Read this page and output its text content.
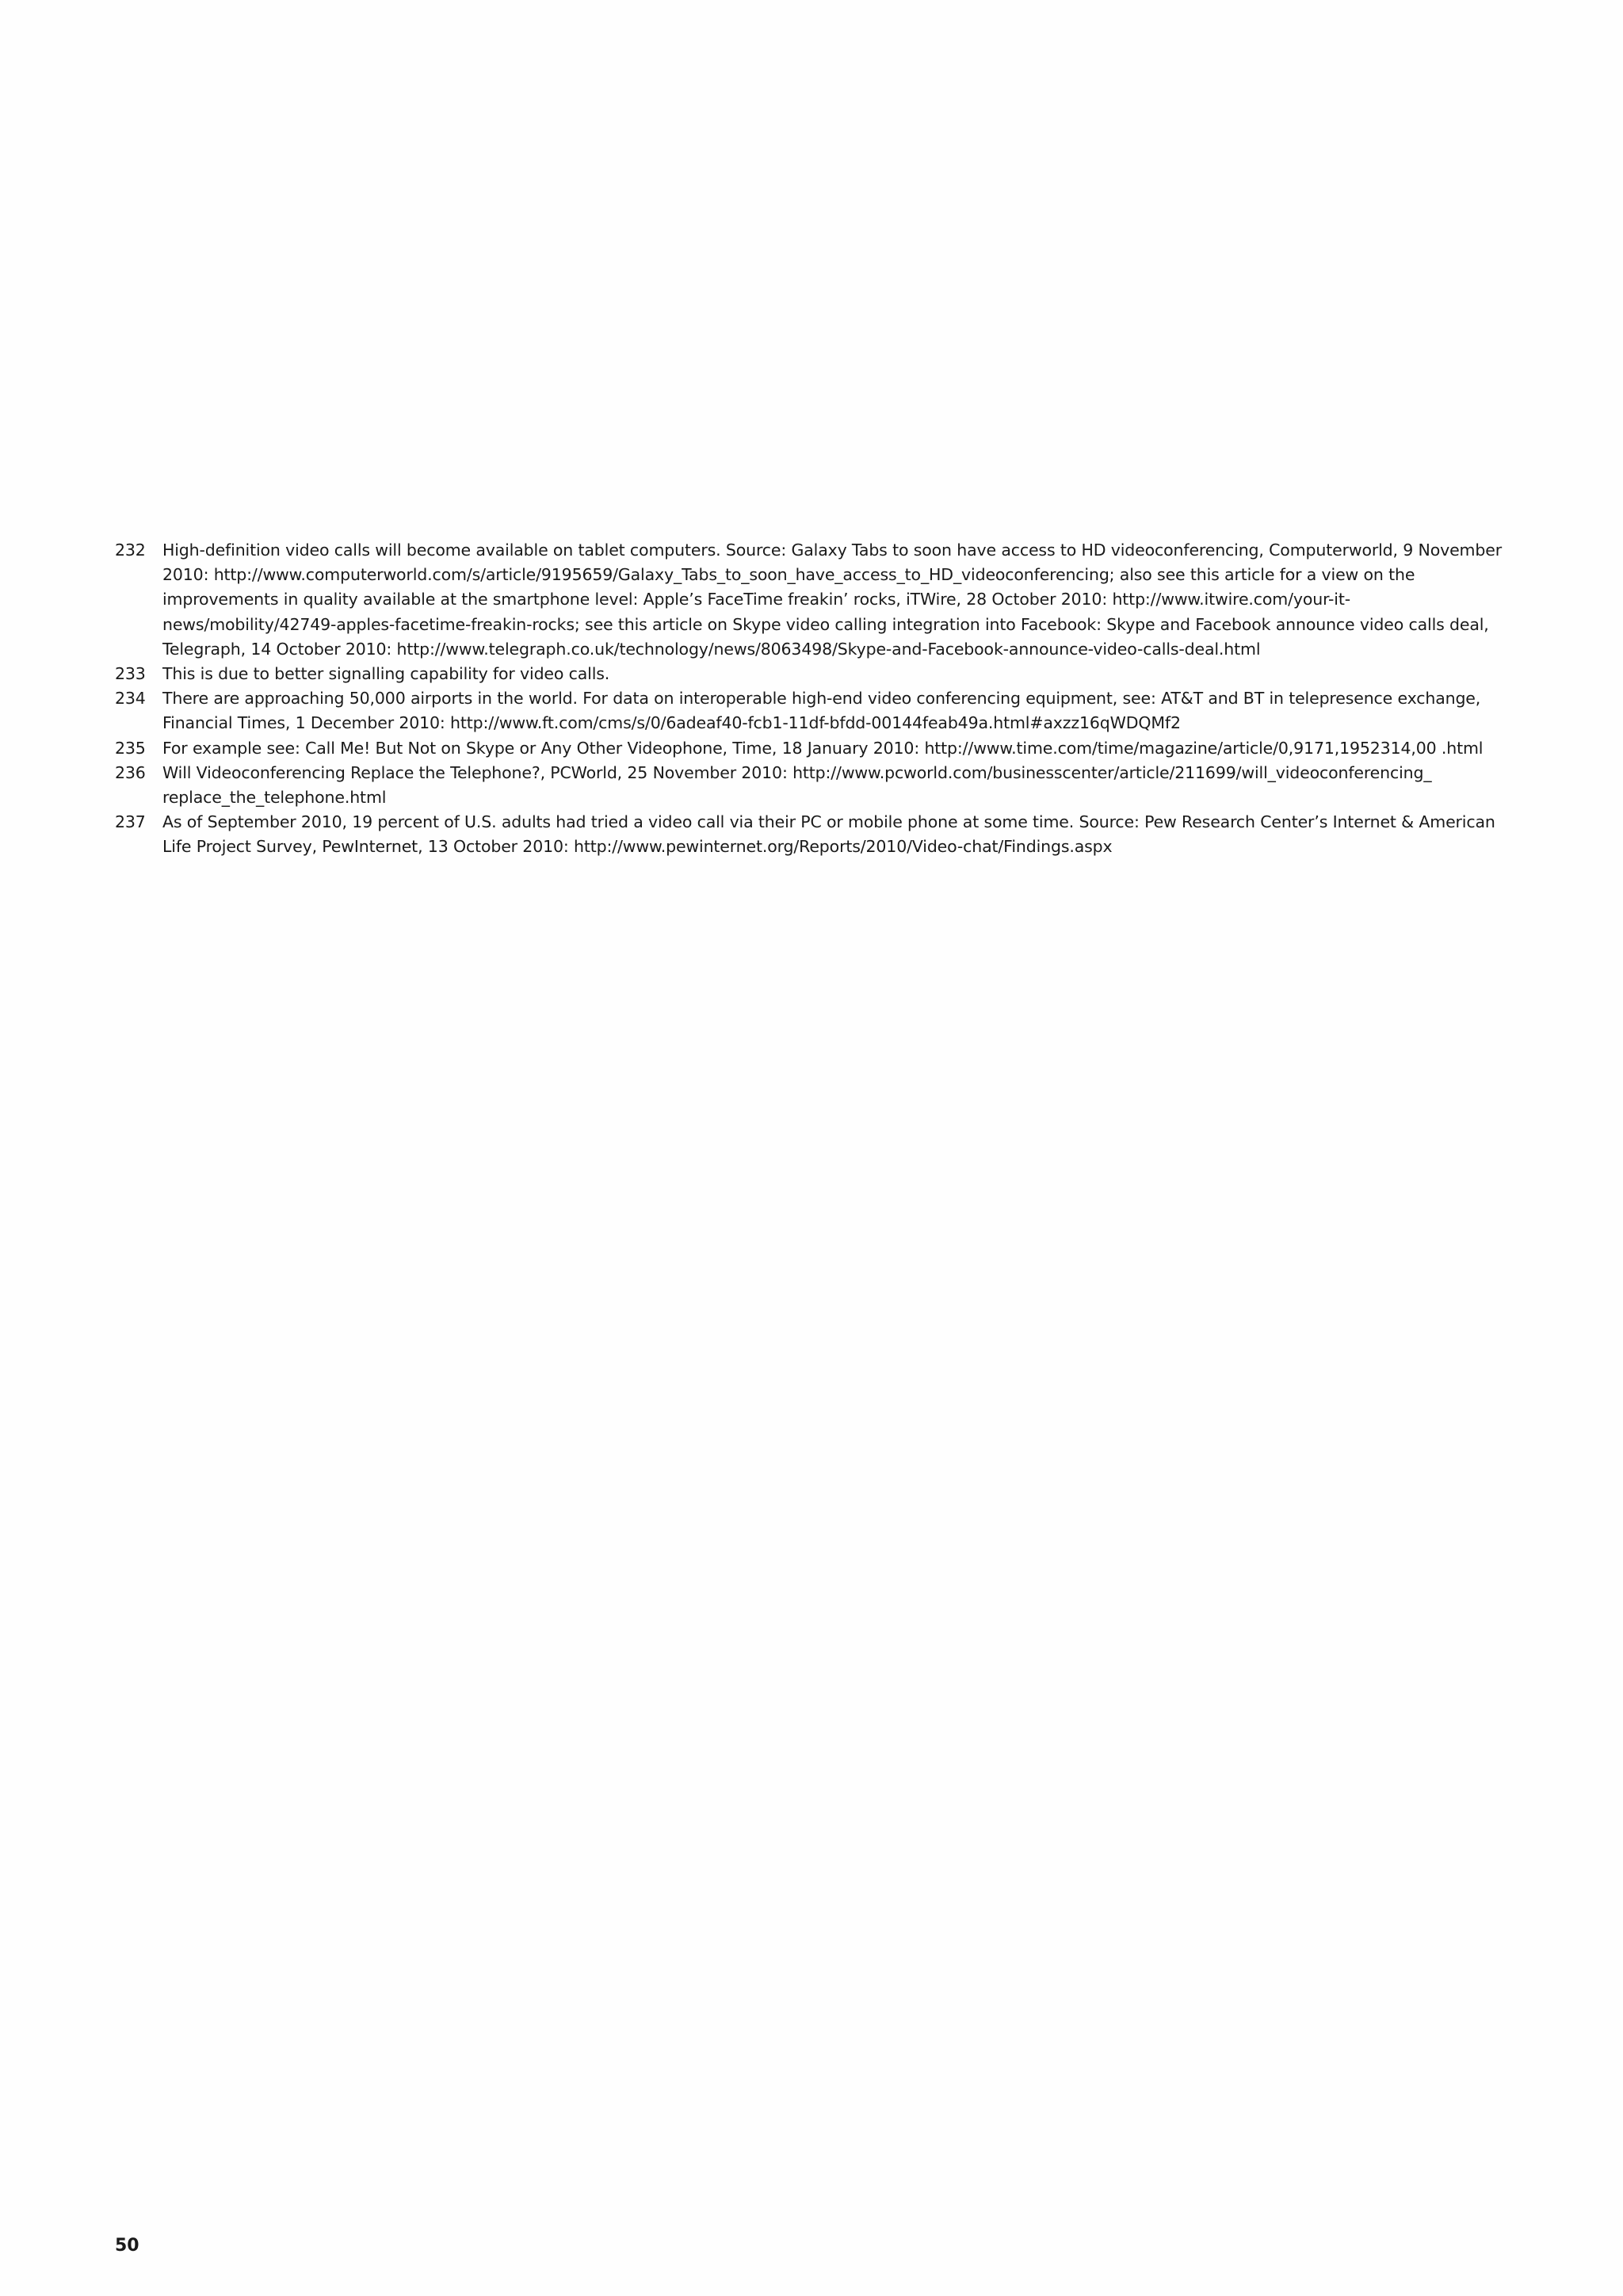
232	High-definition video calls will become available on tablet computers. Source: Galaxy Tabs to soon have access to HD videoconferencing, Computerworld, 9 November 2010: http://www.computerworld.com/s/article/9195659/Galaxy_Tabs_to_soon_have_access_to_HD_videoconferencing; also see this article for a view on the improvements in quality available at the smartphone level: Apple’s FaceTime freakin’ rocks, iTWire, 28 October 2010: http://www.itwire.com/your-it-news/mobility/42749-apples-facetime-freakin-rocks; see this article on Skype video calling integration into Facebook: Skype and Facebook announce video calls deal, Telegraph, 14 October 2010: http://www.telegraph.co.uk/technology/news/8063498/Skype-and-Facebook-announce-video-calls-deal.html
233	This is due to better signalling capability for video calls.
234	There are approaching 50,000 airports in the world. For data on interoperable high-end video conferencing equipment, see: AT&T and BT in telepresence exchange, Financial Times, 1 December 2010: http://www.ft.com/cms/s/0/6adeaf40-fcb1-11df-bfdd-00144feab49a.html#axzz16qWDQMf2
235	For example see: Call Me! But Not on Skype or Any Other Videophone, Time, 18 January 2010: http://www.time.com/time/magazine/article/0,9171,1952314,00 .html
236	Will Videoconferencing Replace the Telephone?, PCWorld, 25 November 2010: http://www.pcworld.com/businesscenter/article/211699/will_videoconferencing_ replace_the_telephone.html
237	As of September 2010, 19 percent of U.S. adults had tried a video call via their PC or mobile phone at some time. Source: Pew Research Center’s Internet & American Life Project Survey, PewInternet, 13 October 2010: http://www.pewinternet.org/Reports/2010/Video-chat/Findings.aspx
50
